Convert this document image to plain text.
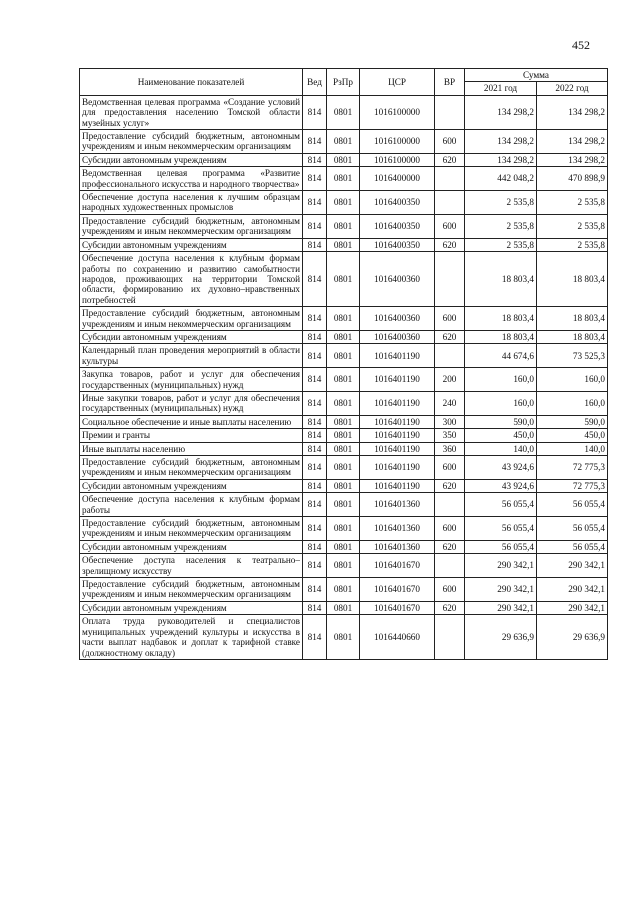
452
Наименование показателей	Вед	РзПр	ЦСР	ВР	Сумма	
					2021 год	2022 год
Ведомственная целевая программа «Создание условий для предоставления населению Томской области музейных услуг»	814	0801	1016100000		134 298,2	134 298,2
Предоставление субсидий бюджетным, автономным учреждениям и иным некоммерческим организациям	814	0801	1016100000	600	134 298,2	134 298,2
Субсидии автономным учреждениям	814	0801	1016100000	620	134 298,2	134 298,2
Ведомственная целевая программа «Развитие профессионального искусства и народного творчества»	814	0801	1016400000		442 048,2	470 898,9
Обеспечение доступа населения к лучшим образцам народных художественных промыслов	814	0801	1016400350		2 535,8	2 535,8
Предоставление субсидий бюджетным, автономным учреждениям и иным некоммерческим организациям	814	0801	1016400350	600	2 535,8	2 535,8
Субсидии автономным учреждениям	814	0801	1016400350	620	2 535,8	2 535,8
Обеспечение доступа населения к клубным формам работы по сохранению и развитию самобытности народов, проживающих на территории Томской области, формированию их духовно–нравственных потребностей	814	0801	1016400360		18 803,4	18 803,4
Предоставление субсидий бюджетным, автономным учреждениям и иным некоммерческим организациям	814	0801	1016400360	600	18 803,4	18 803,4
Субсидии автономным учреждениям	814	0801	1016400360	620	18 803,4	18 803,4
Календарный план проведения мероприятий в области культуры	814	0801	1016401190		44 674,6	73 525,3
Закупка товаров, работ и услуг для обеспечения государственных (муниципальных) нужд	814	0801	1016401190	200	160,0	160,0
Иные закупки товаров, работ и услуг для обеспечения государственных (муниципальных) нужд	814	0801	1016401190	240	160,0	160,0
Социальное обеспечение и иные выплаты населению	814	0801	1016401190	300	590,0	590,0
Премии и гранты	814	0801	1016401190	350	450,0	450,0
Иные выплаты населению	814	0801	1016401190	360	140,0	140,0
Предоставление субсидий бюджетным, автономным учреждениям и иным некоммерческим организациям	814	0801	1016401190	600	43 924,6	72 775,3
Субсидии автономным учреждениям	814	0801	1016401190	620	43 924,6	72 775,3
Обеспечение доступа населения к клубным формам работы	814	0801	1016401360		56 055,4	56 055,4
Предоставление субсидий бюджетным, автономным учреждениям и иным некоммерческим организациям	814	0801	1016401360	600	56 055,4	56 055,4
Субсидии автономным учреждениям	814	0801	1016401360	620	56 055,4	56 055,4
Обеспечение доступа населения к театрально–зрелищному искусству	814	0801	1016401670		290 342,1	290 342,1
Предоставление субсидий бюджетным, автономным учреждениям и иным некоммерческим организациям	814	0801	1016401670	600	290 342,1	290 342,1
Субсидии автономным учреждениям	814	0801	1016401670	620	290 342,1	290 342,1
Оплата труда руководителей и специалистов муниципальных учреждений культуры и искусства в части выплат надбавок и доплат к тарифной ставке (должностному окладу)	814	0801	1016440660		29 636,9	29 636,9
